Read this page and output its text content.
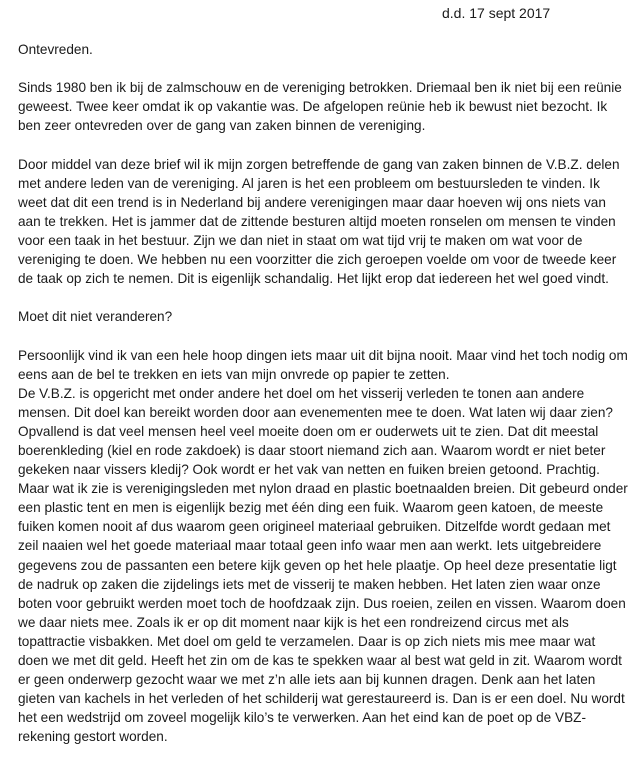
d.d. 17 sept 2017

Ontevreden.

Sinds 1980 ben ik bij de zalmschouw en de vereniging betrokken. Driemaal ben ik niet bij een reünie geweest. Twee keer omdat ik op vakantie was. De afgelopen reünie heb ik bewust niet bezocht. Ik ben zeer ontevreden over de gang van zaken binnen de vereniging.

Door middel van deze brief wil ik mijn zorgen betreffende de gang van zaken binnen de V.B.Z. delen met andere leden van de vereniging. Al jaren is het een probleem om bestuursleden te vinden. Ik weet dat dit een trend is in Nederland bij andere verenigingen maar daar hoeven wij ons niets van aan te trekken. Het is jammer dat de zittende besturen altijd moeten ronselen om mensen te vinden voor een taak in het bestuur. Zijn we dan niet in staat om wat tijd vrij te maken om wat voor de vereniging te doen. We hebben nu een voorzitter die zich geroepen voelde om voor de tweede keer de taak op zich te nemen. Dit is eigenlijk schandalig. Het lijkt erop dat iedereen het wel goed vindt.

Moet dit niet veranderen?

Persoonlijk vind ik van een hele hoop dingen iets maar uit dit bijna nooit. Maar vind het toch nodig om eens aan de bel te trekken en iets van mijn onvrede op papier te zetten.

De V.B.Z. is opgericht met onder andere het doel om het visserij verleden te tonen aan andere mensen. Dit doel kan bereikt worden door aan evenementen mee te doen. Wat laten wij daar zien? Opvallend is dat veel mensen heel veel moeite doen om er ouderwets uit te zien. Dat dit meestal boerenkleding (kiel en rode zakdoek) is daar stoort niemand zich aan. Waarom wordt er niet beter gekeken naar vissers kledij? Ook wordt er het vak van netten en fuiken breien getoond. Prachtig. Maar wat ik zie is verenigingsleden met nylon draad en plastic boetnaalden breien. Dit gebeurd onder een plastic tent en men is eigenlijk bezig met één ding een fuik. Waarom geen katoen, de meeste fuiken komen nooit af dus waarom geen origineel materiaal gebruiken. Ditzelfde wordt gedaan met zeil naaien wel het goede materiaal maar totaal geen info waar men aan werkt. Iets uitgebreidere gegevens zou de passanten een betere kijk geven op het hele plaatje. Op heel deze presentatie ligt de nadruk op zaken die zijdelings iets met de visserij te maken hebben. Het laten zien waar onze boten voor gebruikt werden moet toch de hoofdzaak zijn. Dus roeien, zeilen en vissen. Waarom doen we daar niets mee. Zoals ik er op dit moment naar kijk is het een rondreizend circus met als topattractie visbakken. Met doel om geld te verzamelen. Daar is op zich niets mis mee maar wat doen we met dit geld. Heeft het zin om de kas te spekken waar al best wat geld in zit. Waarom wordt er geen onderwerp gezocht waar we met z’n alle iets aan bij kunnen dragen. Denk aan het laten gieten van kachels in het verleden of het schilderij wat gerestaureerd is. Dan is er een doel. Nu wordt het een wedstrijd om zoveel mogelijk kilo’s te verwerken. Aan het eind kan de poet op de VBZ-rekening gestort worden.
